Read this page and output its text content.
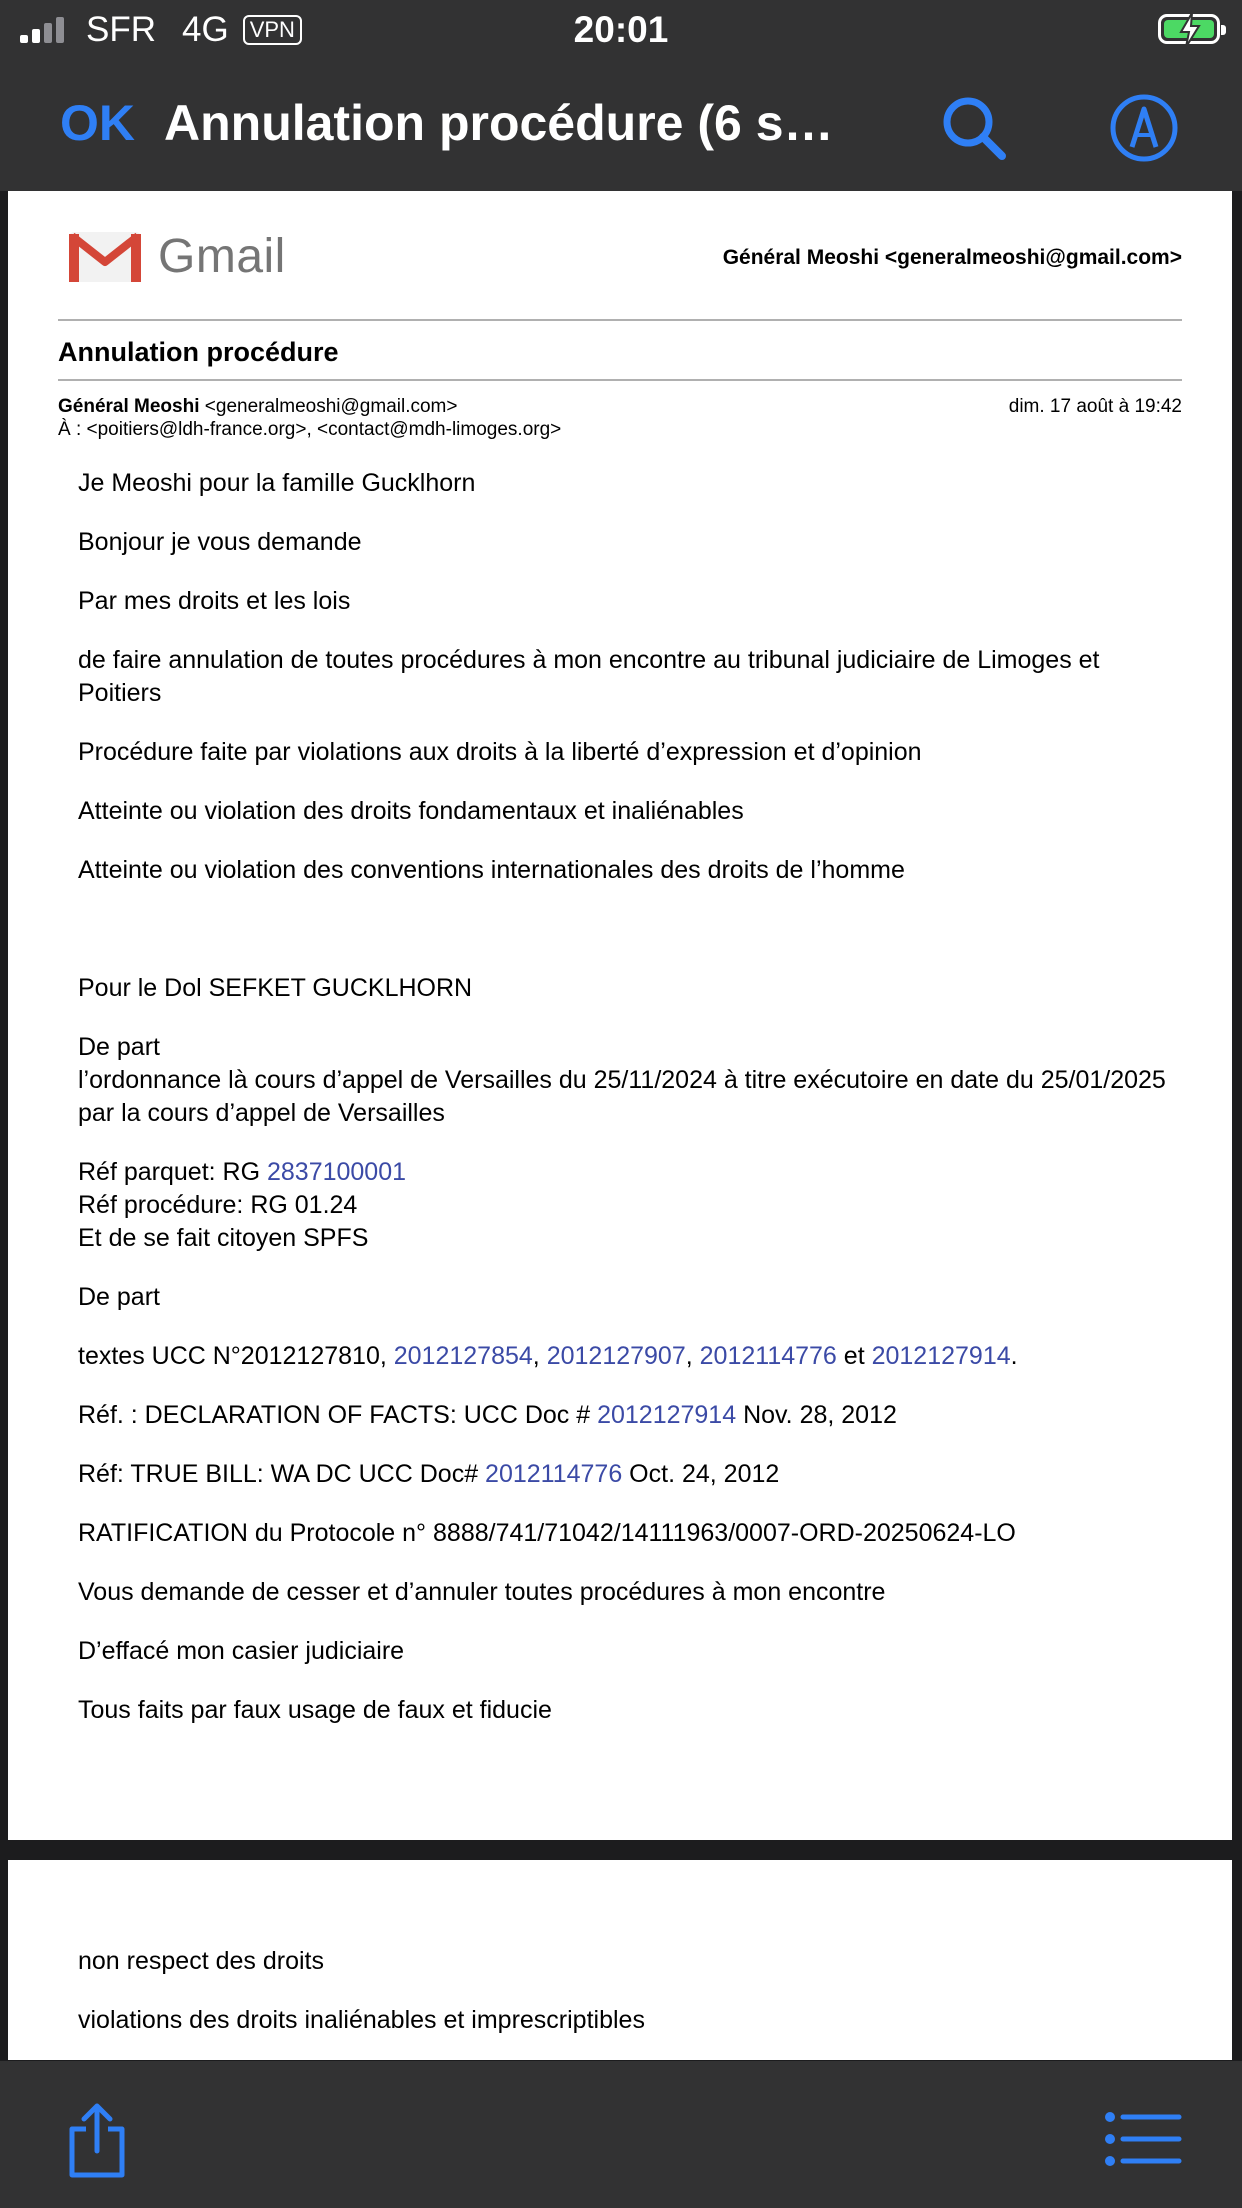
SFR 4G VPN	20:01
OK Annulation procédure (6 s…
Gmail	Général Meoshi <generalmeoshi@gmail.com>
Annulation procédure
Général Meoshi <generalmeoshi@gmail.com>
À : <poitiers@ldh-france.org>, <contact@mdh-limoges.org>
dim. 17 août à 19:42

Je Meoshi pour la famille Gucklhorn

Bonjour je vous demande

Par mes droits et les lois

de faire annulation de toutes procédures à mon encontre au tribunal judiciaire de Limoges et Poitiers

Procédure faite par violations aux droits à la liberté d’expression et d’opinion

Atteinte ou violation des droits fondamentaux et inaliénables

Atteinte ou violation des conventions internationales des droits de l’homme

Pour le Dol SEFKET GUCKLHORN

De part
l’ordonnance là cours d’appel de Versailles du 25/11/2024 à titre exécutoire en date du 25/01/2025 par la cours d’appel de Versailles

Réf parquet: RG 2837100001
Réf procédure: RG 01.24
Et de se fait citoyen SPFS

De part

textes UCC N°2012127810, 2012127854, 2012127907, 2012114776 et 2012127914.

Réf. : DECLARATION OF FACTS: UCC Doc # 2012127914 Nov. 28, 2012

Réf: TRUE BILL: WA DC UCC Doc# 2012114776 Oct. 24, 2012

RATIFICATION du Protocole n° 8888/741/71042/14111963/0007-ORD-20250624-LO

Vous demande de cesser et d’annuler toutes procédures à mon encontre

D’effacé mon casier judiciaire

Tous faits par faux usage de faux et fiducie

non respect des droits

violations des droits inaliénables et imprescriptibles
